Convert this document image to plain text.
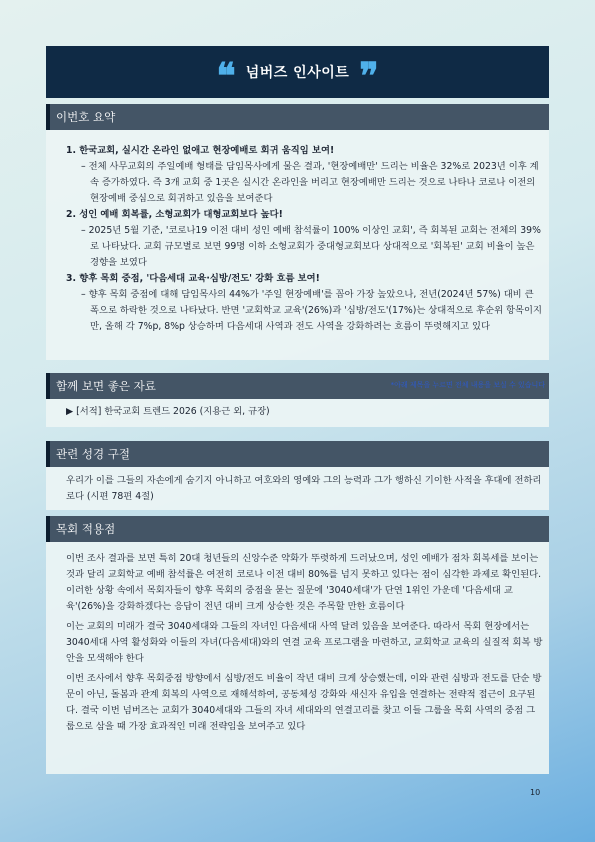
❝ 넘버즈 인사이트 ❞
이번호 요약
1. 한국교회, 실시간 온라인 없애고 현장예배로 회귀 움직임 보여!
– 전체 사무교회의 주일예배 형태를 담임목사에게 물은 결과, '현장예배만' 드리는 비율은 32%로 2023년 이후 계속 증가하였다. 즉 3개 교회 중 1곳은 실시간 온라인을 버리고 현장예배만 드리는 것으로 나타나 코로나 이전의 현장예배 중심으로 회귀하고 있음을 보여준다
2. 성인 예배 회복률, 소형교회가 대형교회보다 높다!
– 2025년 5월 기준, '코로나19 이전 대비 성인 예배 참석률이 100% 이상인 교회', 즉 회복된 교회는 전체의 39%로 나타났다. 교회 규모별로 보면 99명 이하 소형교회가 중대형교회보다 상대적으로 '회복된' 교회 비율이 높은 경향을 보였다
3. 향후 목회 중점, '다음세대 교육·심방/전도' 강화 흐름 보여!
– 향후 목회 중점에 대해 담임목사의 44%가 '주일 현장예배'를 꼽아 가장 높았으나, 전년(2024년 57%) 대비 큰 폭으로 하락한 것으로 나타났다. 반면 '교회학교 교육'(26%)과 '심방/전도'(17%)는 상대적으로 후순위 항목이지만, 올해 각 7%p, 8%p 상승하며 다음세대 사역과 전도 사역을 강화하려는 흐름이 뚜렷해지고 있다
함께 보면 좋은 자료	*아래 제목을 누르면 전체 내용을 보실 수 있습니다
▶ [서적] 한국교회 트렌드 2026 (지용근 외, 규장)
관련 성경 구절
우리가 이를 그들의 자손에게 숨기지 아니하고 여호와의 영예와 그의 능력과 그가 행하신 기이한 사적을 후대에 전하리로다 (시편 78편 4절)
목회 적용점
이번 조사 결과를 보면 특히 20대 청년들의 신앙수준 약화가 뚜렷하게 드러났으며, 성인 예배가 점차 회복세를 보이는 것과 달리 교회학교 예배 참석률은 여전히 코로나 이전 대비 80%를 넘지 못하고 있다는 점이 심각한 과제로 확인된다. 이러한 상황 속에서 목회자들이 향후 목회의 중점을 묻는 질문에 '3040세대'가 단연 1위인 가운데 '다음세대 교육'(26%)을 강화하겠다는 응답이 전년 대비 크게 상승한 것은 주목할 만한 흐름이다
이는 교회의 미래가 결국 3040세대와 그들의 자녀인 다음세대 사역 달려 있음을 보여준다. 따라서 목회 현장에서는 3040세대 사역 활성화와 이들의 자녀(다음세대)와의 연결 교육 프로그램을 마련하고, 교회학교 교육의 실질적 회복 방안을 모색해야 한다
이번 조사에서 향후 목회중점 방향에서 심방/전도 비율이 작년 대비 크게 상승했는데, 이와 관련 심방과 전도를 단순 방문이 아닌, 돌봄과 관계 회복의 사역으로 재해석하여, 공동체성 강화와 새신자 유입을 연결하는 전략적 접근이 요구된다. 결국 이번 넘버즈는 교회가 3040세대와 그들의 자녀 세대와의 연결고리를 찾고 이들 그룹을 목회 사역의 중점 그룹으로 삼을 때 가장 효과적인 미래 전략임을 보여주고 있다
10
